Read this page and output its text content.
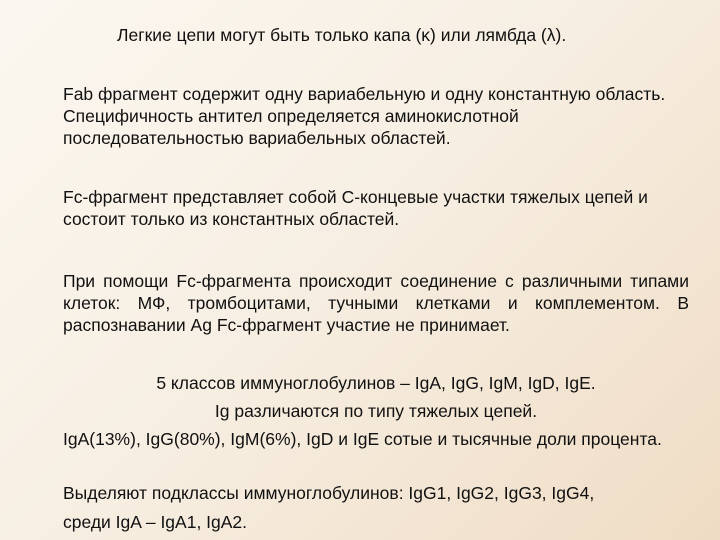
Легкие цепи могут быть только капа (κ) или лямбда (λ).
Fab фрагмент содержит одну вариабельную и одну константную область. Специфичность антител определяется аминокислотной последовательностью вариабельных областей.
Fc-фрагмент представляет собой С-концевые участки тяжелых цепей и состоит только из константных областей.
При помощи Fc-фрагмента происходит соединение с различными типами клеток: МФ, тромбоцитами, тучными клетками и комплементом. В распознавании Ag Fc-фрагмент участие не принимает.
5 классов иммуноглобулинов – IgA, IgG, IgM, IgD, IgE.
Ig различаются по типу тяжелых цепей.
IgA(13%), IgG(80%), IgM(6%), IgD и IgE сотые и тысячные доли процента.
Выделяют подклассы иммуноглобулинов: IgG1, IgG2, IgG3, IgG4,
среди IgA – IgA1, IgA2.
